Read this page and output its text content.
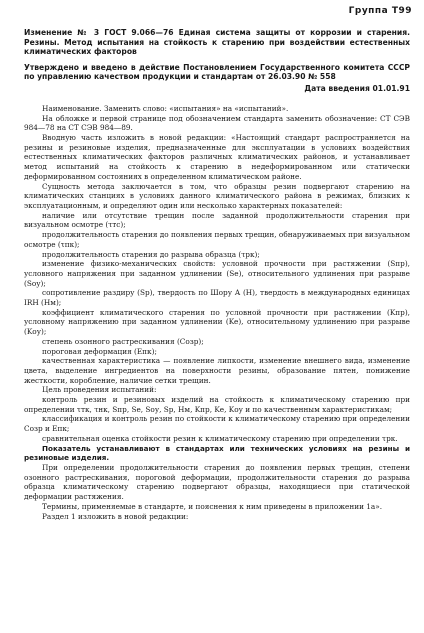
Группа Т99
Изменение № 3 ГОСТ 9.066—76 Единая система защиты от коррозии и старения. Резины. Метод испытания на стойкость к старению при воздействии естественных климатических факторов
Утверждено и введено в действие Постановлением Государственного комитета СССР по управлению качеством продукции и стандартам от 26.03.90 № 558
Дата введения 01.01.91

Наименование. Заменить слово: «испытания» на «испытаний».

На обложке и первой странице под обозначением стандарта заменить обозначение: СТ СЭВ 984—78 на СТ СЭВ 984—89.

Вводную часть изложить в новой редакции: «Настоящий стандарт распространяется на резины и резиновые изделия, предназначенные для эксплуатации в условиях воздействия естественных климатических факторов различных климатических районов, и устанавливает метод испытаний на стойкость к старению в недеформированном или статически деформированном состояниях в определенном климатическом районе.

Сущность метода заключается в том, что образцы резин подвергают старению на климатических станциях в условиях данного климатического района в режимах, близких к эксплуатационным, и определяют один или несколько характерных показателей:

наличие или отсутствие трещин после заданной продолжительности старения при визуальном осмотре (τтс);

продолжительность старения до появления первых трещин, обнаруживаемых при визуальном осмотре (τпк);

продолжительность старения до разрыва образца (τрк);

изменение физико-механических свойств: условной прочности при растяжении (Sпр), условного напряжения при заданном удлинении (Se), относительного удлинения при разрыве (Sоу);

сопротивление раздиру (Sр), твердость по Шору А (H), твердость в международных единицах IRН (Hм);

коэффициент климатического старения по условной прочности при растяжении (Kпр), условному напряжению при заданном удлинении (Ke), относительному удлинению при разрыве (Kоу);

степень озонного растрескивания (Cозр);

пороговая деформация (Eпк);

качественная характеристика — появление липкости, изменение внешнего вида, изменение цвета, выделение ингредиентов на поверхности резины, образование пятен, понижение жесткости, коробление, наличие сетки трещин.

Цель проведения испытаний:

контроль резин и резиновых изделий на стойкость к климатическому старению при определении τтк, τнк, Sпр, Sе, Sоу, Sр, Hм, Kпр, Kе, Kоу и по качественным характеристикам;

классификация и контроль резин по стойкости к климатическому старению при определении Созр и Eпк;

сравнительная оценка стойкости резин к климатическому старению при определении τрк.

Показатель устанавливают в стандартах или технических условиях на резины и резиновые изделия.

При определении продолжительности старения до появления первых трещин, степени озонного растрескивания, пороговой деформации, продолжительности старения до разрыва образца климатическому старению подвергают образцы, находящиеся при статической деформации растяжения.

Термины, применяемые в стандарте, и пояснения к ним приведены в приложении 1а».

Раздел 1 изложить в новой редакции:
